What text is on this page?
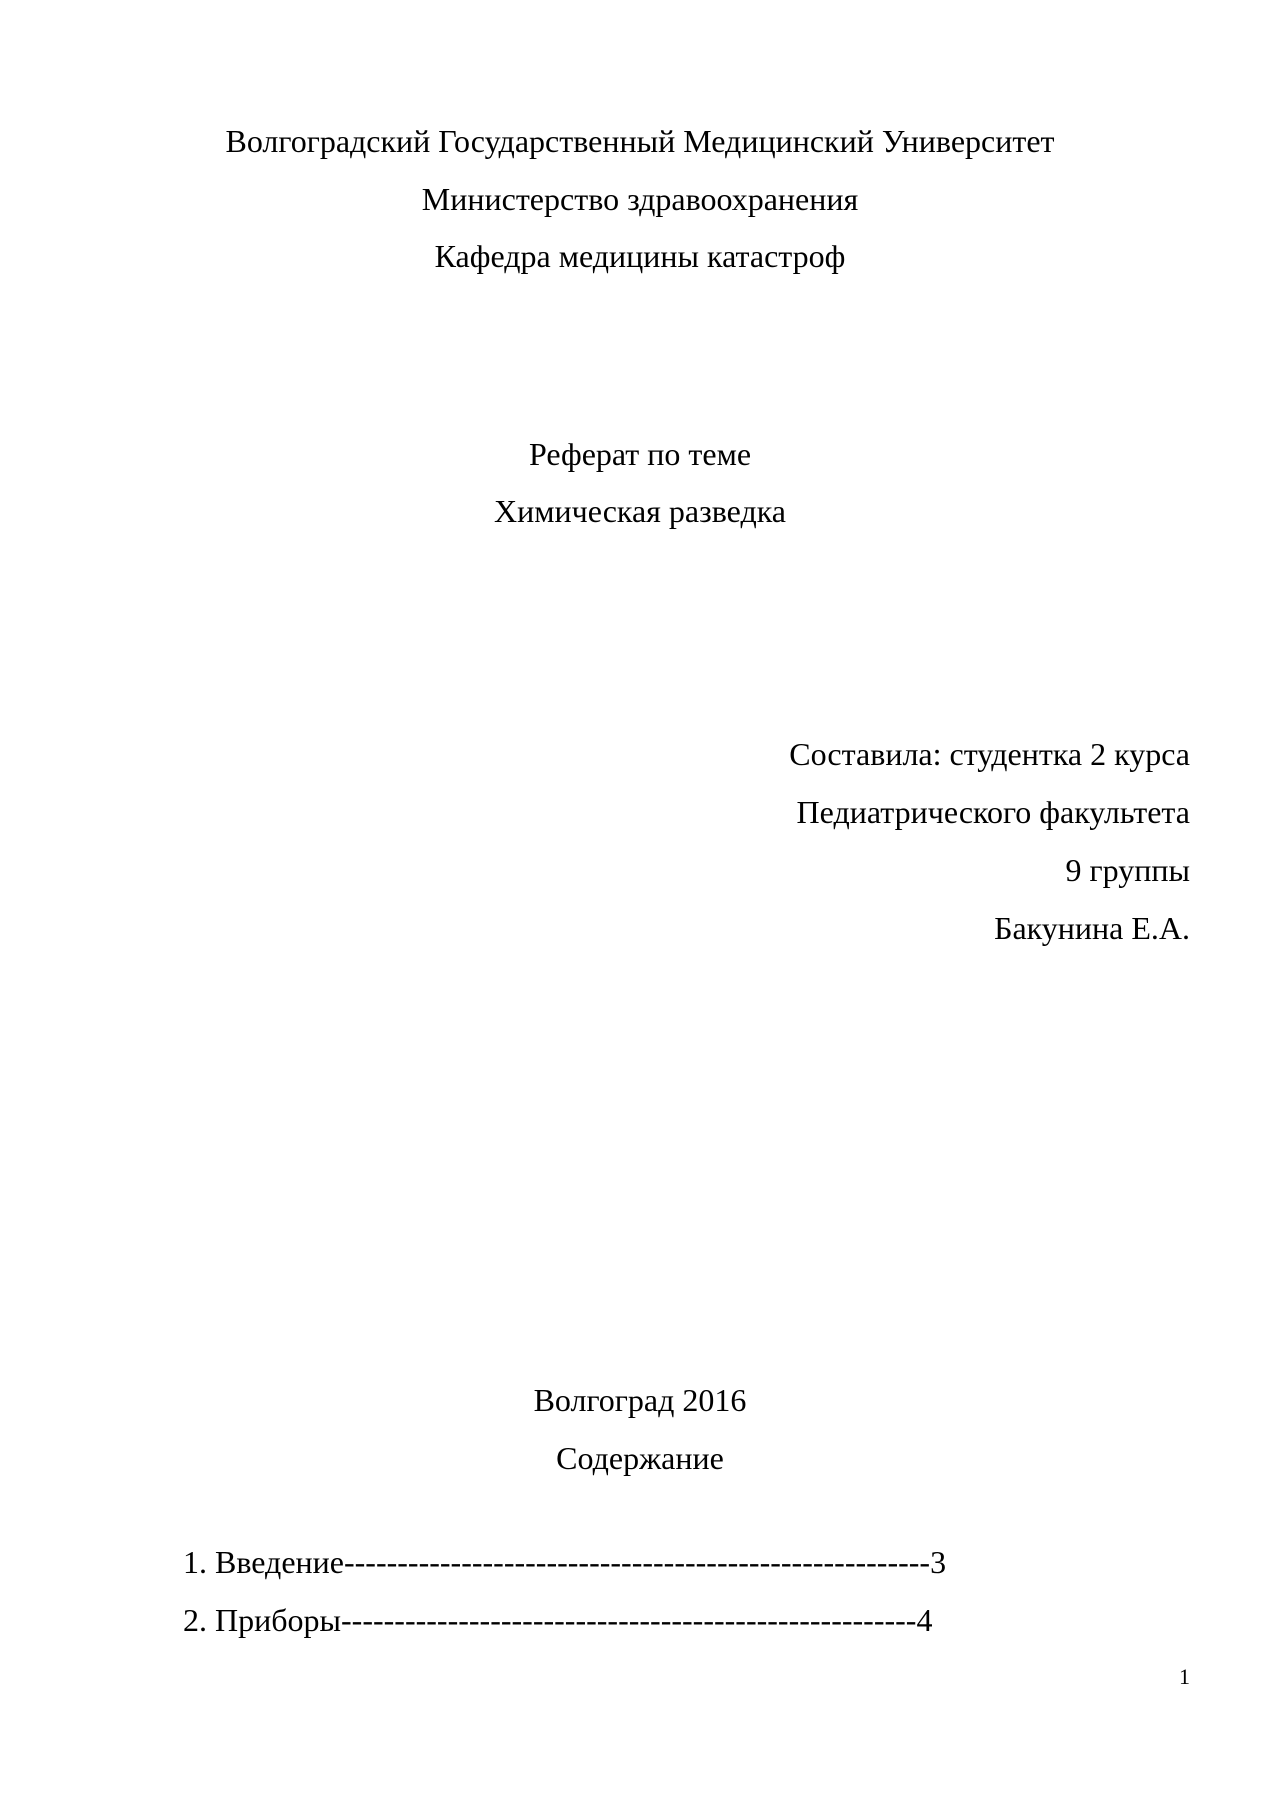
Волгоградский Государственный Медицинский Университет
Министерство здравоохранения
Кафедра медицины катастроф
Реферат по теме
Химическая разведка
Составила: студентка 2 курса
Педиатрического факультета
9 группы
Бакунина Е.А.
Волгоград 2016
Содержание
1. Введение-------------------------------------------------------3
2. Приборы------------------------------------------------------4
1
